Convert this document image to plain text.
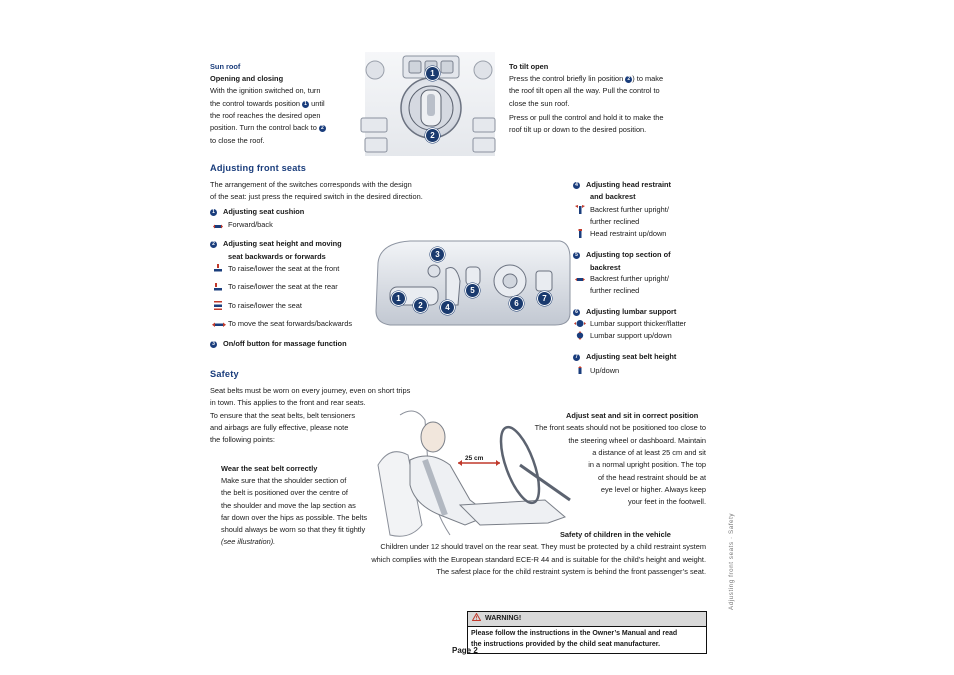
Sun roof
Opening and closing
With the ignition switched on, turn
the control towards position 1 until
the roof reaches the desired open
position. Turn the control back to 2
to close the roof.
1
2
To tilt open
Press the control briefly lin position 2 ) to make
the roof tilt open all the way. Pull the control to
close the sun roof.
Press or pull the control and hold it to make the
roof tilt up or down to the desired position.
Adjusting front seats
The arrangement of the switches corresponds with the design
of the seat: just press the required switch in the desired direction.
1 Adjusting seat cushion
Forward/back
2 Adjusting seat height and moving
seat backwards or forwards
To raise/lower the seat at the front
To raise/lower the seat at the rear
To raise/lower the seat
To move the seat forwards/backwards
3 On/off button for massage function
1
2
3
4
5
6
7
4 Adjusting head restraint
and backrest
Backrest further upright/
further reclined
Head restraint up/down
5 Adjusting top section of
backrest
Backrest further upright/
further reclined
6 Adjusting lumbar support
Lumbar support thicker/flatter
Lumbar support up/down
7 Adjusting seat belt height
Up/down
Safety
Seat belts must be worn on every journey, even on short trips
in town. This applies to the front and rear seats.
To ensure that the seat belts, belt tensioners
and airbags are fully effective, please note
the following points:
Wear the seat belt correctly
Make sure that the shoulder section of
the belt is positioned over the centre of
the shoulder and move the lap section as
far down over the hips as possible. The belts
should always be worn so that they fit tightly
(see illustration).
25 cm
Adjust seat and sit in correct position
The front seats should not be positioned too close to
the steering wheel or dashboard. Maintain
a distance of at least 25 cm and sit
in a normal upright position. The top
of the head restraint should be at
eye level or higher. Always keep
your feet in the footwell.
Safety of children in the vehicle
Children under 12 should travel on the rear seat. They must be protected by a child restraint system
which complies with the European standard ECE-R 44 and is suitable for the child’s height and weight.
The safest place for the child restraint system is behind the front passenger’s seat.
WARNING!
Please follow the instructions in the Owner’s Manual and read
the instructions provided by the child seat manufacturer.
Adjusting front seats · Safety
Page 2
